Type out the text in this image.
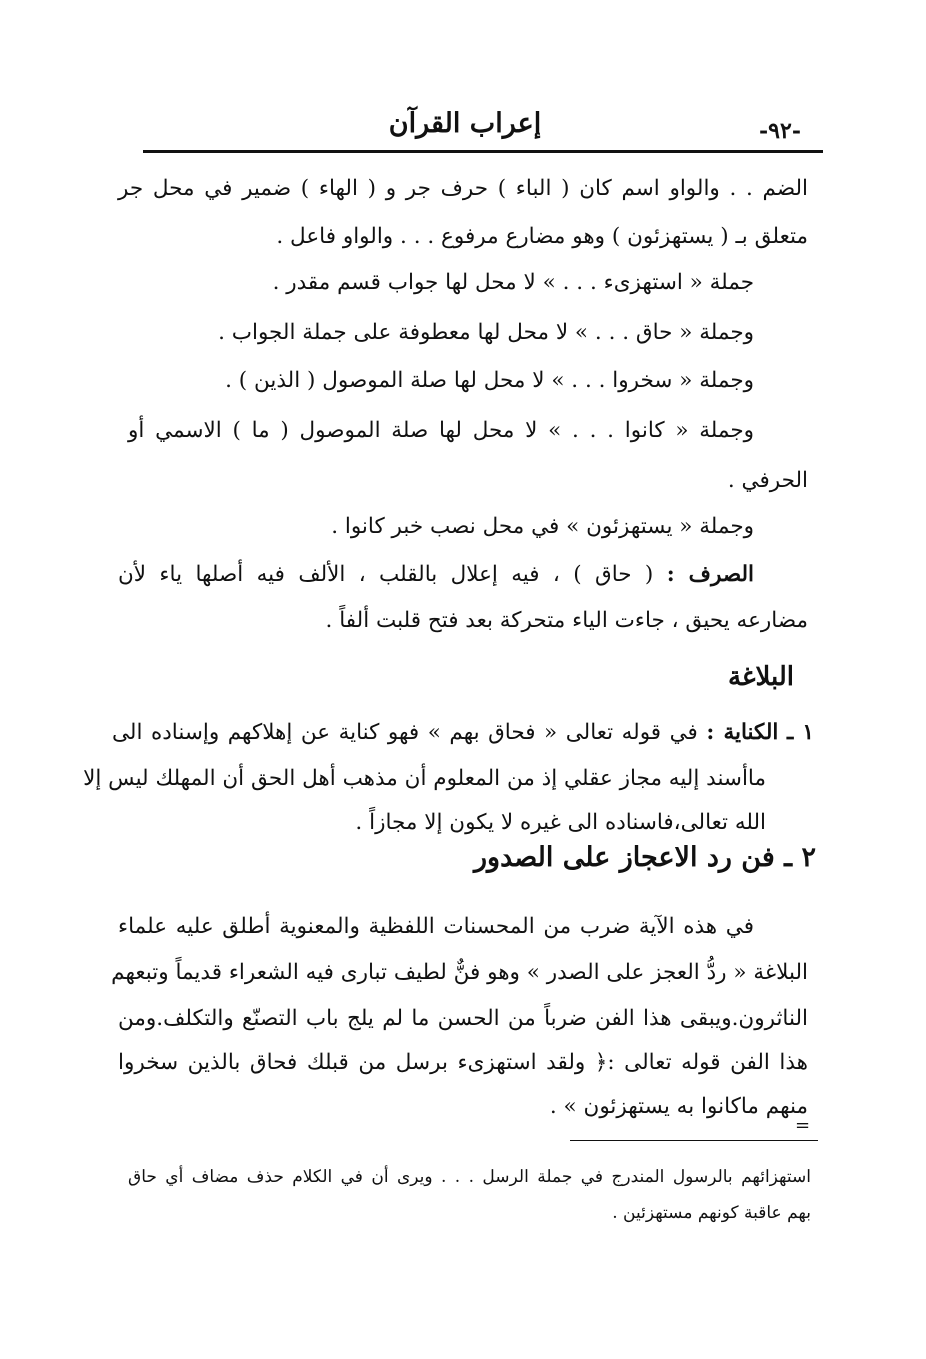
إعراب القرآن	-٩٢-
الضم . . والواو اسم كان ( الباء ) حرف جر و ( الهاء ) ضمير في محل جر
متعلق بـ ( يستهزئون ) وهو مضارع مرفوع . . . والواو فاعل .
جملة « استهزىء . . . » لا محل لها جواب قسم مقدر .
وجملة « حاق . . . » لا محل لها معطوفة على جملة الجواب .
وجملة « سخروا . . . » لا محل لها صلة الموصول ( الذين ) .
وجملة « كانوا . . . » لا محل لها صلة الموصول ( ما ) الاسمي أو
الحرفي .
وجملة « يستهزئون » في محل نصب خبر كانوا .
الصرف : ( حاق ) ، فيه إعلال بالقلب ، الألف فيه أصلها ياء لأن
مضارعه يحيق ، جاءت الياء متحركة بعد فتح قلبت ألفاً .
البلاغة
١ ـ الكناية : في قوله تعالى « فحاق بهم » فهو كناية عن إهلاكهم وإسناده الى
ماأسند إليه مجاز عقلي إذ من المعلوم أن مذهب أهل الحق أن المهلك ليس إلا
الله تعالى،فاسناده الى غيره لا يكون إلا مجازاً .
٢ ـ فن رد الاعجاز على الصدور
في هذه الآية ضرب من المحسنات اللفظية والمعنوية أطلق عليه علماء
البلاغة « ردُّ العجز على الصدر » وهو فنٌّ لطيف تبارى فيه الشعراء قديماً وتبعهم
الناثرون.ويبقى هذا الفن ضرباً من الحسن ما لم يلج باب التصنّع والتكلف.ومن
هذا الفن قوله تعالى :﴿ ولقد استهزىء برسل من قبلك فحاق بالذين سخروا
منهم ماكانوا به يستهزئون » .
=
استهزائهم بالرسول المندرج في جملة الرسل . . . ويرى أن في الكلام حذف مضاف أي حاق
بهم عاقبة كونهم مستهزئين .
